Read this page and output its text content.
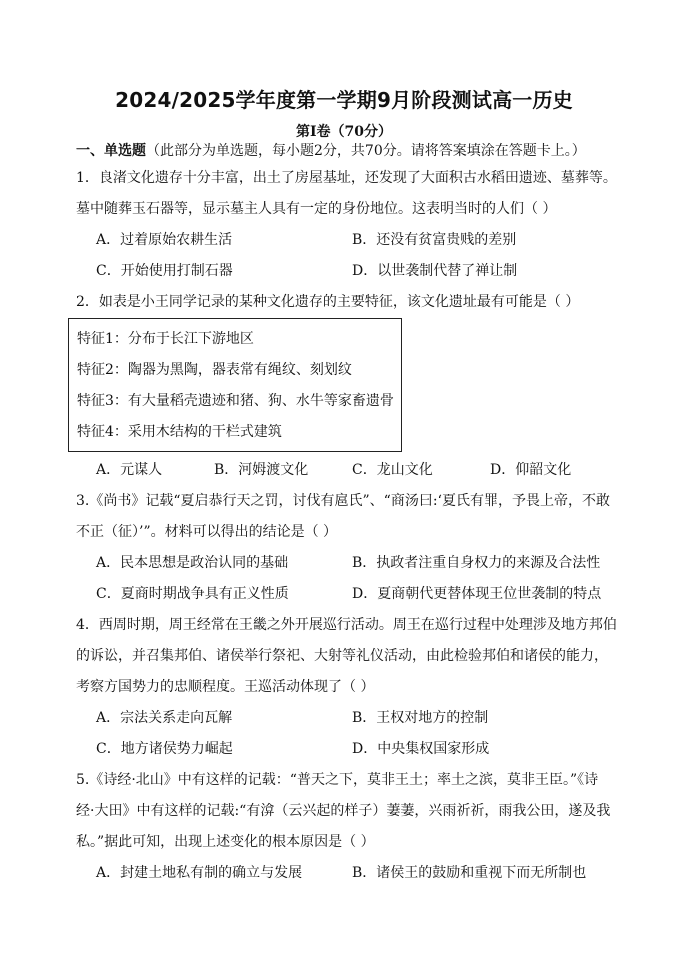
2024/2025学年度第一学期9月阶段测试高一历史
第Ⅰ卷（70分）
一、单选题（此部分为单选题，每小题2分，共70分。请将答案填涂在答题卡上。）
1．良渚文化遗存十分丰富，出土了房屋基址，还发现了大面积古水稻田遗迹、墓葬等。
墓中随葬玉石器等，显示墓主人具有一定的身份地位。这表明当时的人们（ ）
A．过着原始农耕生活	B．还没有贫富贵贱的差别
C．开始使用打制石器	D．以世袭制代替了禅让制
2．如表是小王同学记录的某种文化遗存的主要特征，该文化遗址最有可能是（ ）
特征1：分布于长江下游地区
特征2：陶器为黑陶，器表常有绳纹、刻划纹
特征3：有大量稻壳遗迹和猪、狗、水牛等家畜遗骨
特征4：采用木结构的干栏式建筑
A．元谋人	B．河姆渡文化	C．龙山文化	D．仰韶文化
3.《尚书》记载“夏启恭行天之罚，讨伐有扈氏”、“商汤曰:‘夏氏有罪，予畏上帝，不敢
不正（征）’”。材料可以得出的结论是（ ）
A．民本思想是政治认同的基础	B．执政者注重自身权力的来源及合法性
C．夏商时期战争具有正义性质	D．夏商朝代更替体现王位世袭制的特点
4．西周时期，周王经常在王畿之外开展巡行活动。周王在巡行过程中处理涉及地方邦伯
的诉讼，并召集邦伯、诸侯举行祭祀、大射等礼仪活动，由此检验邦伯和诸侯的能力，
考察方国势力的忠顺程度。王巡活动体现了（ ）
A．宗法关系走向瓦解	B．王权对地方的控制
C．地方诸侯势力崛起	D．中央集权国家形成
5.《诗经·北山》中有这样的记载：“普天之下，莫非王土；率土之滨，莫非王臣。”《诗
经·大田》中有这样的记载:“有渰（云兴起的样子）萋萋，兴雨祈祈，雨我公田，遂及我
私。”据此可知，出现上述变化的根本原因是（ ）
A．封建土地私有制的确立与发展	B．诸侯王的鼓励和重视下而无所制也
